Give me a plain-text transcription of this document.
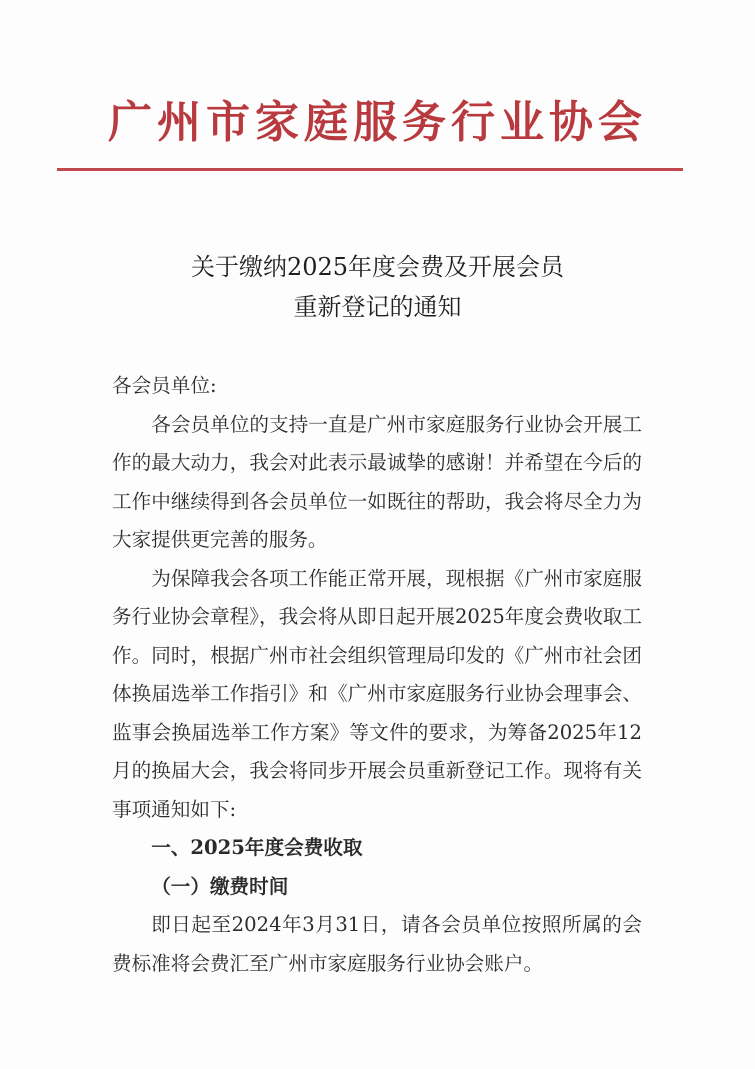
广州市家庭服务行业协会
关于缴纳2025年度会费及开展会员
重新登记的通知

各会员单位:

各会员单位的支持一直是广州市家庭服务行业协会开展工作的最大动力，我会对此表示最诚挚的感谢！并希望在今后的工作中继续得到各会员单位一如既往的帮助，我会将尽全力为大家提供更完善的服务。

为保障我会各项工作能正常开展，现根据《广州市家庭服务行业协会章程》，我会将从即日起开展2025年度会费收取工作。同时，根据广州市社会组织管理局印发的《广州市社会团体换届选举工作指引》和《广州市家庭服务行业协会理事会、监事会换届选举工作方案》等文件的要求，为筹备2025年12月的换届大会，我会将同步开展会员重新登记工作。现将有关事项通知如下:

一、2025年度会费收取

（一）缴费时间

即日起至2024年3月31日，请各会员单位按照所属的会费标准将会费汇至广州市家庭服务行业协会账户。
